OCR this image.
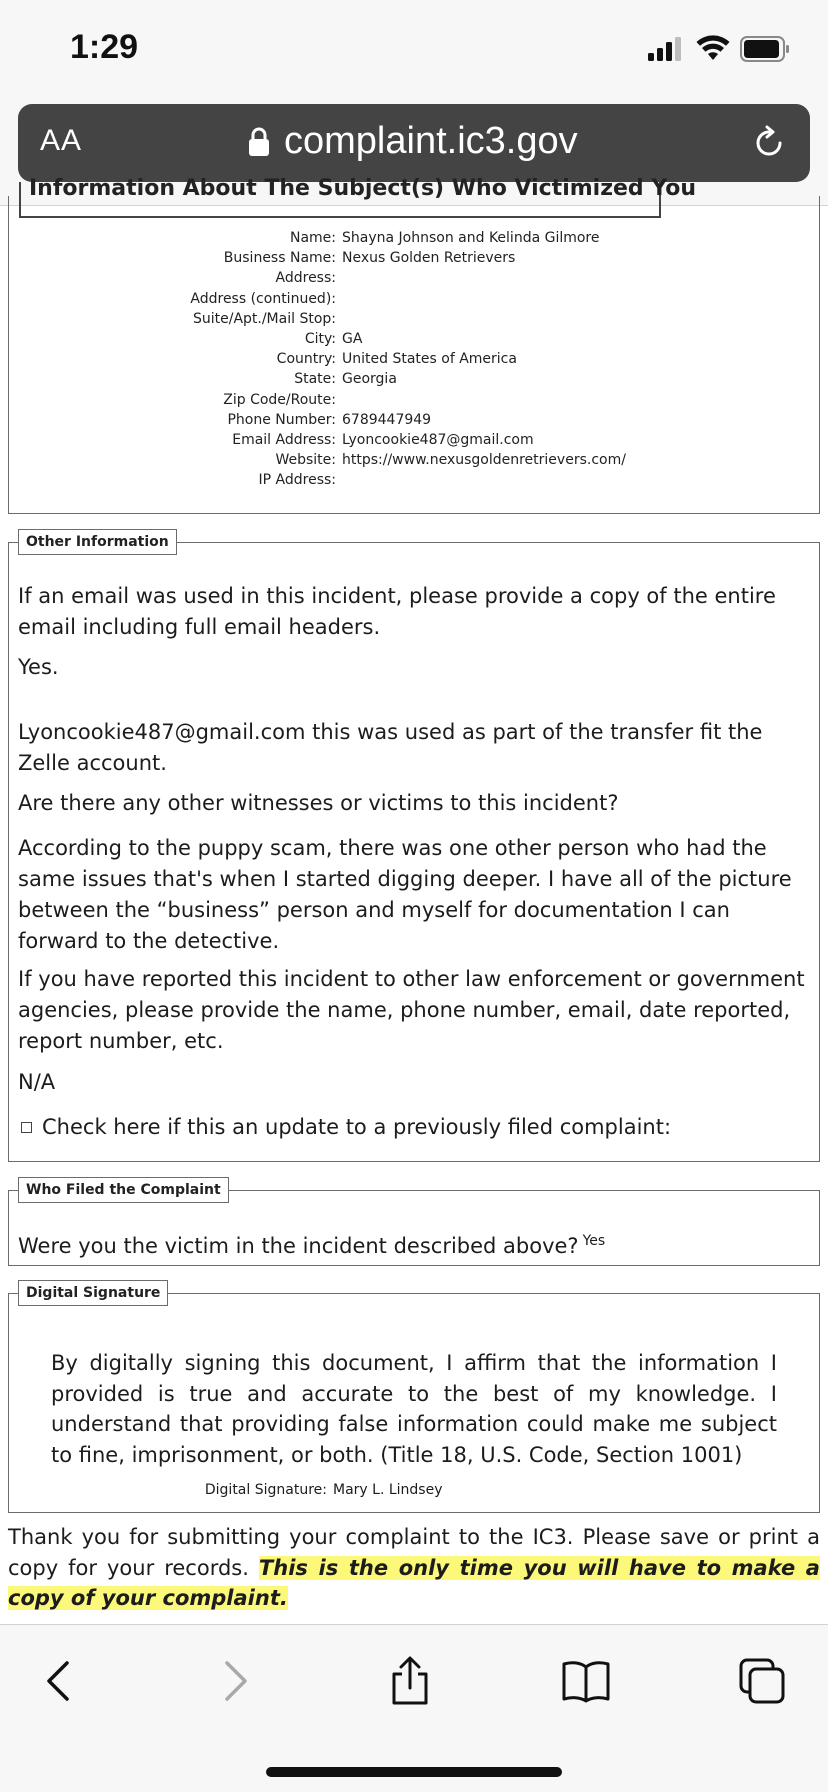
1:29
AA	complaint.ic3.gov
Information About The Subject(s) Who Victimized You
Name: Shayna Johnson and Kelinda Gilmore
Business Name: Nexus Golden Retrievers
Address:
Address (continued):
Suite/Apt./Mail Stop:
City: GA
Country: United States of America
State: Georgia
Zip Code/Route:
Phone Number: 6789447949
Email Address: Lyoncookie487@gmail.com
Website: https://www.nexusgoldenretrievers.com/
IP Address:
Other Information
If an email was used in this incident, please provide a copy of the entire email including full email headers.
Yes.
Lyoncookie487@gmail.com this was used as part of the transfer fit the Zelle account.
Are there any other witnesses or victims to this incident?
According to the puppy scam, there was one other person who had the same issues that's when I started digging deeper. I have all of the picture between the “business” person and myself for documentation I can forward to the detective.
If you have reported this incident to other law enforcement or government agencies, please provide the name, phone number, email, date reported, report number, etc.
N/A
Check here if this an update to a previously filed complaint:
Who Filed the Complaint
Were you the victim in the incident described above? $^{Yes}$
Digital Signature
By digitally signing this document, I affirm that the information I provided is true and accurate to the best of my knowledge. I understand that providing false information could make me subject to fine, imprisonment, or both. (Title 18, U.S. Code, Section 1001)
Digital Signature: Mary L. Lindsey
Thank you for submitting your complaint to the IC3. Please save or print a copy for your records. This is the only time you will have to make a copy of your complaint.
